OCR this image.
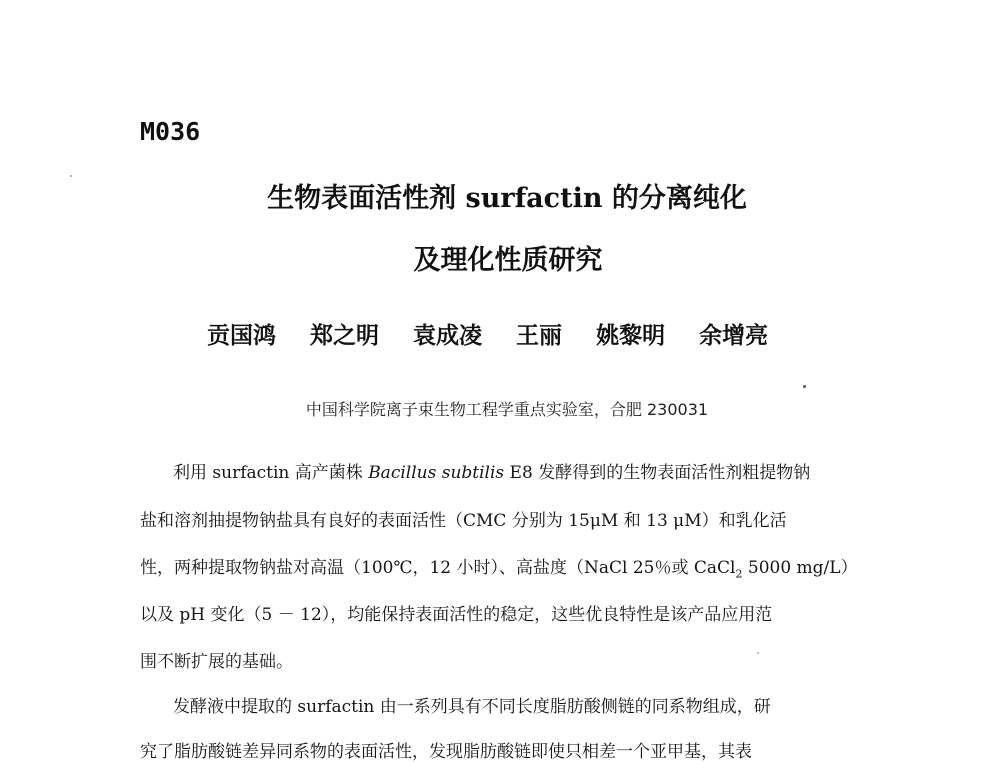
M036
生物表面活性剂 surfactin 的分离纯化
及理化性质研究
贡国鸿 郑之明 袁成凌 王丽 姚黎明 余增亮
中国科学院离子束生物工程学重点实验室，合肥 230031
利用 surfactin 高产菌株 Bacillus subtilis E8 发酵得到的生物表面活性剂粗提物钠
盐和溶剂抽提物钠盐具有良好的表面活性（CMC 分别为 15μM 和 13 μM）和乳化活
性，两种提取物钠盐对高温（100℃，12 小时）、高盐度（NaCl 25％或 CaCl$_2$ 5000 mg/L）
以及 pH 变化（5 － 12），均能保持表面活性的稳定，这些优良特性是该产品应用范
围不断扩展的基础。
发酵液中提取的 surfactin 由一系列具有不同长度脂肪酸侧链的同系物组成，研
究了脂肪酸链差异同系物的表面活性，发现脂肪酸链即使只相差一个亚甲基，其表
